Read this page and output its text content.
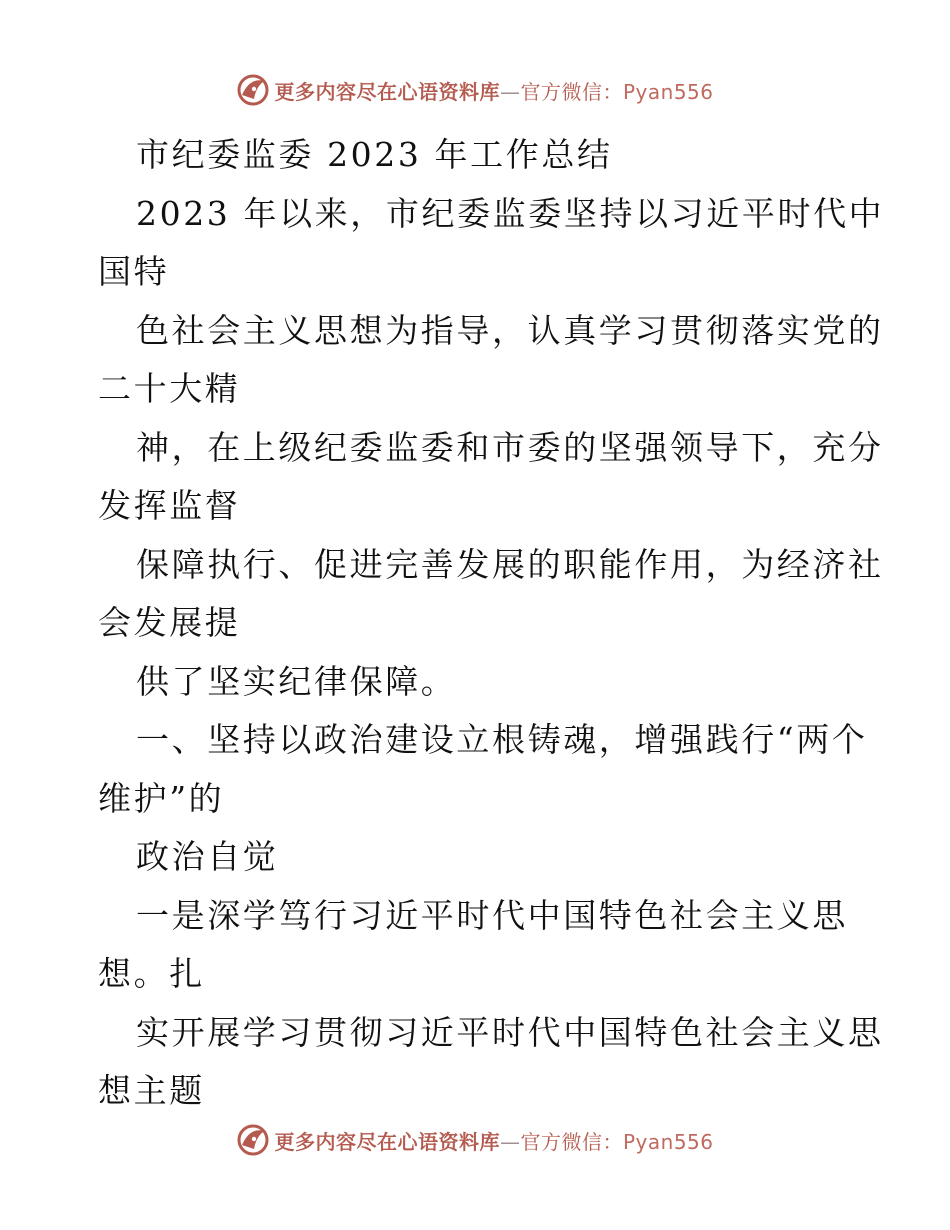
更多内容尽在心语资料库—官方微信：Pyan556
市纪委监委 2023 年工作总结
2023 年以来，市纪委监委坚持以习近平时代中
国特
色社会主义思想为指导，认真学习贯彻落实党的
二十大精
神，在上级纪委监委和市委的坚强领导下，充分
发挥监督
保障执行、促进完善发展的职能作用，为经济社
会发展提
供了坚实纪律保障。
一、坚持以政治建设立根铸魂，增强践行“两个
维护”的
政治自觉
一是深学笃行习近平时代中国特色社会主义思
想。扎
实开展学习贯彻习近平时代中国特色社会主义思
想主题
更多内容尽在心语资料库—官方微信：Pyan556
